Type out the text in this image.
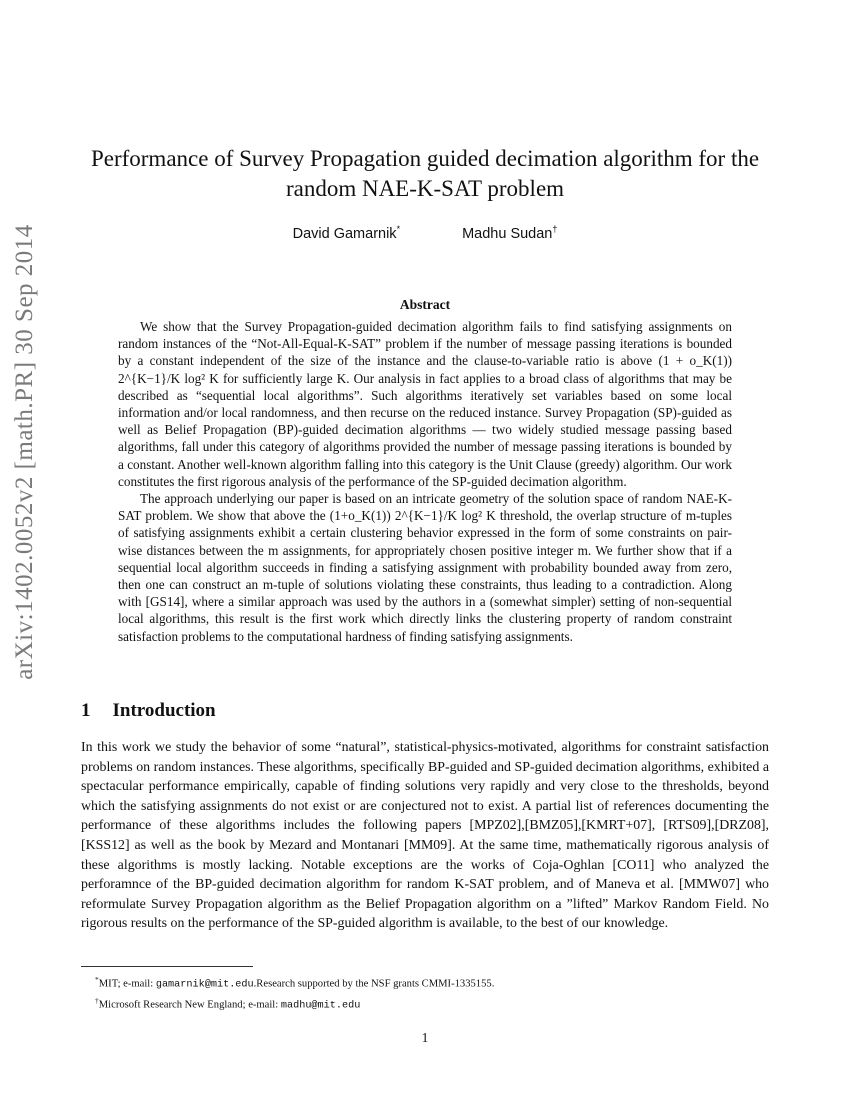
arXiv:1402.0052v2 [math.PR] 30 Sep 2014
Performance of Survey Propagation guided decimation algorithm for the random NAE-K-SAT problem
David Gamarnik*	Madhu Sudan†
Abstract

We show that the Survey Propagation-guided decimation algorithm fails to find satisfying assignments on random instances of the “Not-All-Equal-K-SAT” problem if the number of message passing iterations is bounded by a constant independent of the size of the instance and the clause-to-variable ratio is above (1 + o_K(1)) 2^{K−1}/K log² K for sufficiently large K. Our analysis in fact applies to a broad class of algorithms that may be described as “sequential local algorithms”. Such algorithms iteratively set variables based on some local information and/or local randomness, and then recurse on the reduced instance. Survey Propagation (SP)-guided as well as Belief Propagation (BP)-guided decimation algorithms — two widely studied message passing based algorithms, fall under this category of algorithms provided the number of message passing iterations is bounded by a constant. Another well-known algorithm falling into this category is the Unit Clause (greedy) algorithm. Our work constitutes the first rigorous analysis of the performance of the SP-guided decimation algorithm.

The approach underlying our paper is based on an intricate geometry of the solution space of random NAE-K-SAT problem. We show that above the (1+o_K(1)) 2^{K−1}/K log² K threshold, the overlap structure of m-tuples of satisfying assignments exhibit a certain clustering behavior expressed in the form of some constraints on pair-wise distances between the m assignments, for appropriately chosen positive integer m. We further show that if a sequential local algorithm succeeds in finding a satisfying assignment with probability bounded away from zero, then one can construct an m-tuple of solutions violating these constraints, thus leading to a contradiction. Along with [GS14], where a similar approach was used by the authors in a (somewhat simpler) setting of non-sequential local algorithms, this result is the first work which directly links the clustering property of random constraint satisfaction problems to the computational hardness of finding satisfying assignments.

1 Introduction

In this work we study the behavior of some “natural”, statistical-physics-motivated, algorithms for constraint satisfaction problems on random instances. These algorithms, specifically BP-guided and SP-guided decimation algorithms, exhibited a spectacular performance empirically, capable of finding solutions very rapidly and very close to the thresholds, beyond which the satisfying assignments do not exist or are conjectured not to exist. A partial list of references documenting the performance of these algorithms includes the following papers [MPZ02],[BMZ05],[KMRT+07], [RTS09],[DRZ08],[KSS12] as well as the book by Mezard and Montanari [MM09]. At the same time, mathematically rigorous analysis of these algorithms is mostly lacking. Notable exceptions are the works of Coja-Oghlan [CO11] who analyzed the perforamnce of the BP-guided decimation algorithm for random K-SAT problem, and of Maneva et al. [MMW07] who reformulate Survey Propagation algorithm as the Belief Propagation algorithm on a ”lifted” Markov Random Field. No rigorous results on the performance of the SP-guided algorithm is available, to the best of our knowledge.

*MIT; e-mail: gamarnik@mit.edu.Research supported by the NSF grants CMMI-1335155.
†Microsoft Research New England; e-mail: madhu@mit.edu
1
